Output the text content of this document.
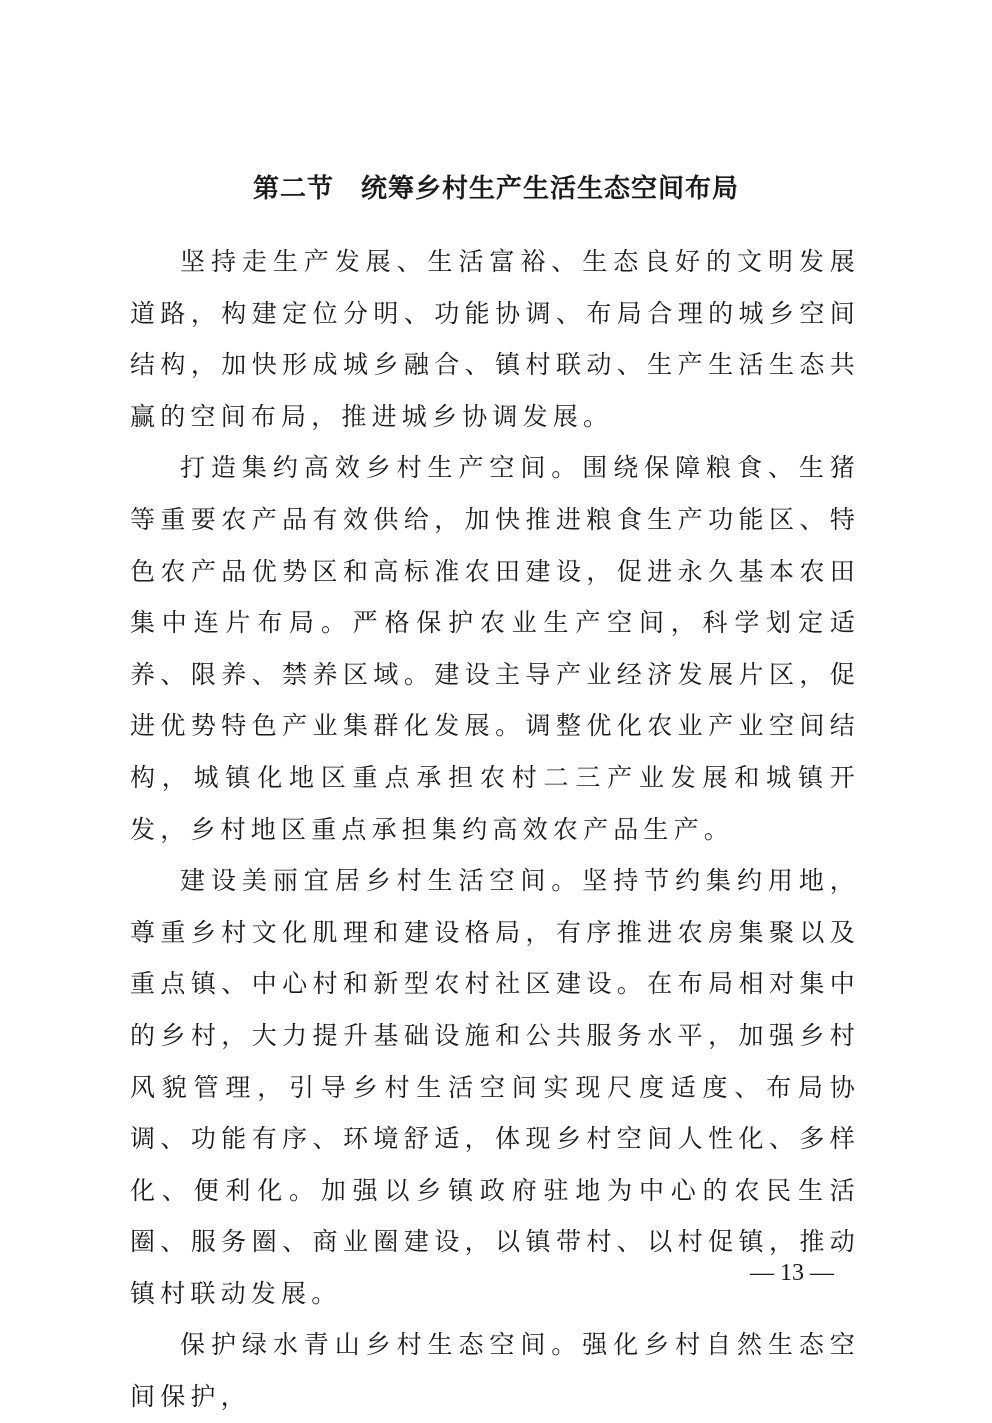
第二节　统筹乡村生产生活生态空间布局

坚持走生产发展、生活富裕、生态良好的文明发展道路，构建定位分明、功能协调、布局合理的城乡空间结构，加快形成城乡融合、镇村联动、生产生活生态共赢的空间布局，推进城乡协调发展。

打造集约高效乡村生产空间。围绕保障粮食、生猪等重要农产品有效供给，加快推进粮食生产功能区、特色农产品优势区和高标准农田建设，促进永久基本农田集中连片布局。严格保护农业生产空间，科学划定适养、限养、禁养区域。建设主导产业经济发展片区，促进优势特色产业集群化发展。调整优化农业产业空间结构，城镇化地区重点承担农村二三产业发展和城镇开发，乡村地区重点承担集约高效农产品生产。

建设美丽宜居乡村生活空间。坚持节约集约用地，尊重乡村文化肌理和建设格局，有序推进农房集聚以及重点镇、中心村和新型农村社区建设。在布局相对集中的乡村，大力提升基础设施和公共服务水平，加强乡村风貌管理，引导乡村生活空间实现尺度适度、布局协调、功能有序、环境舒适，体现乡村空间人性化、多样化、便利化。加强以乡镇政府驻地为中心的农民生活圈、服务圈、商业圈建设，以镇带村、以村促镇，推动镇村联动发展。

保护绿水青山乡村生态空间。强化乡村自然生态空间保护，

— 13 —
